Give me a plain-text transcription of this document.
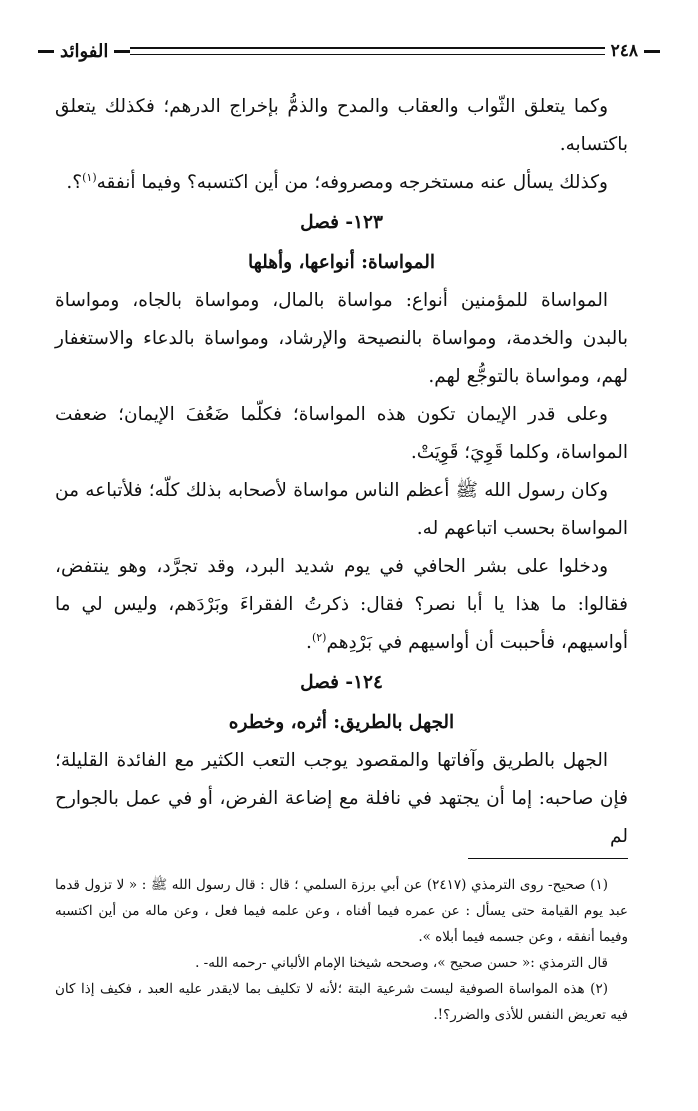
الفوائد	٢٤٨

وكما يتعلق الثّواب والعقاب والمدح والذمُّ بإخراج الدرهم؛ فكذلك يتعلق باكتسابه.

وكذلك يسأل عنه مستخرجه ومصروفه؛ من أين اكتسبه؟ وفيما أنفقه$^{(١)}$؟.

١٢٣- فصل
المواساة: أنواعها، وأهلها

المواساة للمؤمنين أنواع: مواساة بالمال، ومواساة بالجاه، ومواساة بالبدن والخدمة، ومواساة بالنصيحة والإرشاد، ومواساة بالدعاء والاستغفار لهم، ومواساة بالتوجُّع لهم.

وعلى قدر الإيمان تكون هذه المواساة؛ فكلّما ضَعُفَ الإيمان؛ ضعفت المواساة، وكلما قَوِيَ؛ قَوِيَتْ.

وكان رسول الله ﷺ أعظم الناس مواساة لأصحابه بذلك كلّه؛ فلأتباعه من المواساة بحسب اتباعهم له.

ودخلوا على بشر الحافي في يوم شديد البرد، وقد تجرَّد، وهو ينتفض، فقالوا: ما هذا يا أبا نصر؟ فقال: ذكرتُ الفقراءَ وبَرْدَهم، وليس لي ما أواسيهم، فأحببت أن أواسيهم في بَرْدِهم$^{(٢)}$.

١٢٤- فصل
الجهل بالطريق: أثره، وخطره

الجهل بالطريق وآفاتها والمقصود يوجب التعب الكثير مع الفائدة القليلة؛ فإن صاحبه: إما أن يجتهد في نافلة مع إضاعة الفرض، أو في عمل بالجوارح لم

(١) صحيح- روى الترمذي (٢٤١٧) عن أبي برزة السلمي ؛ قال : قال رسول الله ﷺ : « لا تزول قدما عبد يوم القيامة حتى يسأل : عن عمره فيما أفناه ، وعن علمه فيما فعل ، وعن ماله من أين اكتسبه وفيما أنفقه ، وعن جسمه فيما أبلاه ».

قال الترمذي :« حسن صحيح »، وصححه شيخنا الإمام الألباني -رحمه الله- .

(٢) هذه المواساة الصوفية ليست شرعية البتة ؛لأنه لا تكليف بما لايقدر عليه العبد ، فكيف إذا كان فيه تعريض النفس للأذى والضرر؟!.
